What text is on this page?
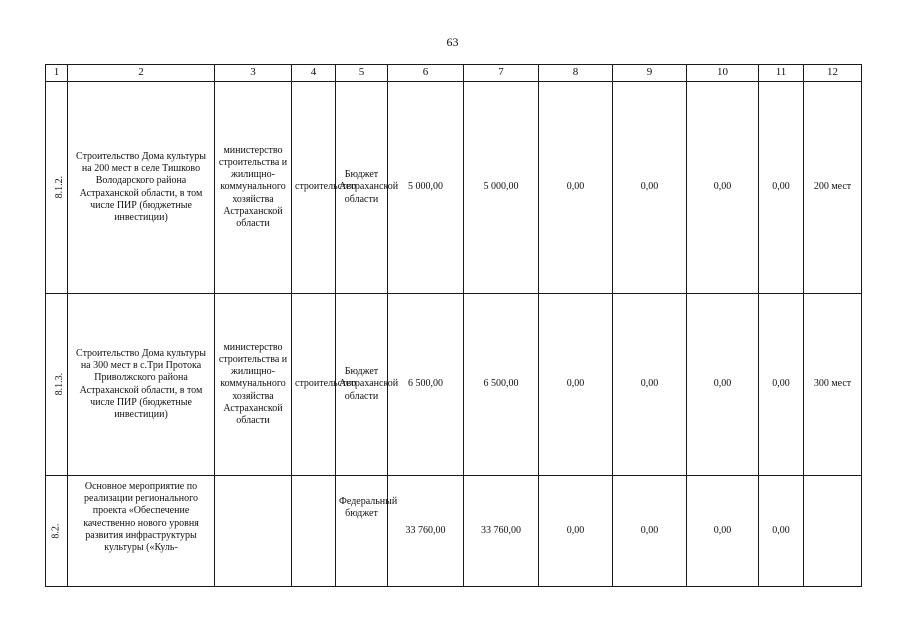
63
1	2	3	4	5	6	7	8	9	10	11	12
8.1.2.	Строительство Дома культуры на 200 мест в селе Тишково Володарского района Астраханской области, в том числе ПИР (бюджетные инвестиции)	министерство строительства и жилищно-коммунального хозяйства Астраханской области	строительство	Бюджет Астраханской области	5 000,00	5 000,00	0,00	0,00	0,00	0,00	200 мест
8.1.3.	Строительство Дома культуры на 300 мест в с.Три Протока Приволжского района Астраханской области, в том числе ПИР (бюджетные инвестиции)	министерство строительства и жилищно-коммунального хозяйства Астраханской области	строительство	Бюджет Астраханской области	6 500,00	6 500,00	0,00	0,00	0,00	0,00	300 мест
8.2.	Основное мероприятие по реализации регионального проекта «Обеспечение качественно нового уровня развития инфраструктуры культуры («Куль-			Федеральный бюджет	33 760,00	33 760,00	0,00	0,00	0,00	0,00	
